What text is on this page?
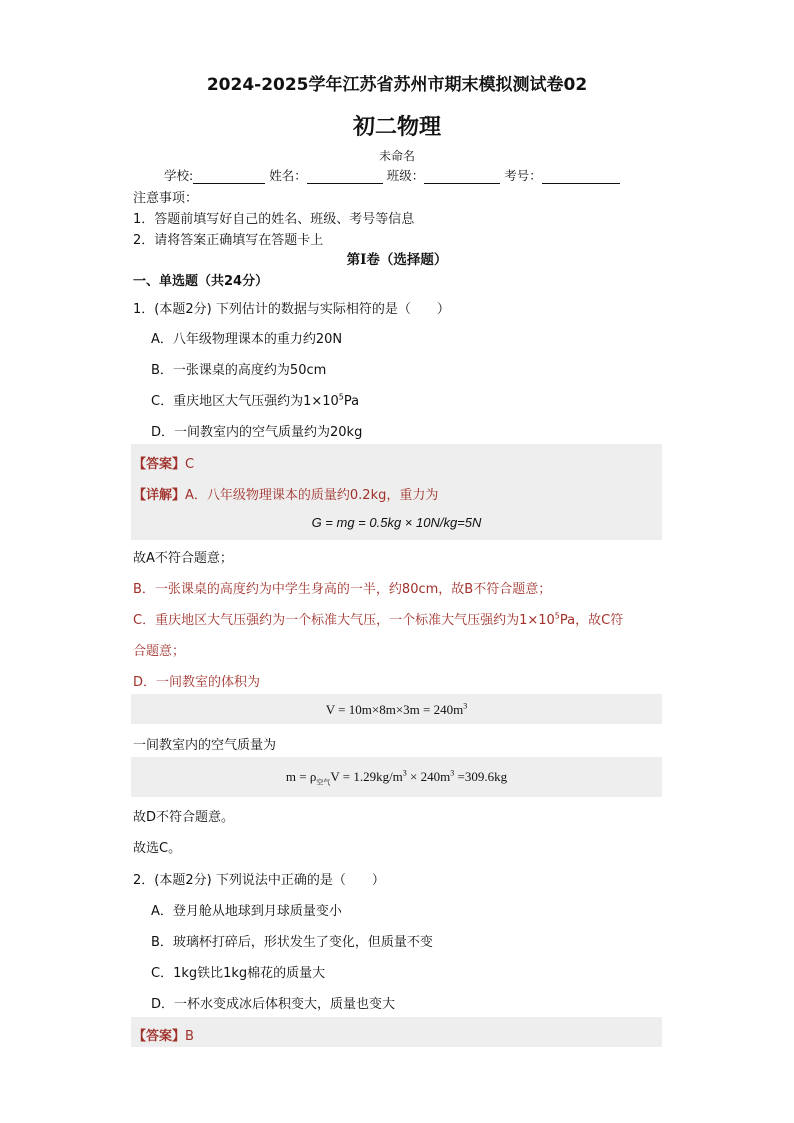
2024-2025学年江苏省苏州市期末模拟测试卷02
初二物理
未命名
学校:	姓名：	班级：	考号：
注意事项：
1．答题前填写好自己的姓名、班级、考号等信息
2．请将答案正确填写在答题卡上
第I卷（选择题）
一、单选题（共24分）
1．(本题2分) 下列估计的数据与实际相符的是（　　）
A．八年级物理课本的重力约20N
B．一张课桌的高度约为50cm
C．重庆地区大气压强约为$1\times 10^5Pa$
D．一间教室内的空气质量约为20kg
【答案】C
【详解】A．八年级物理课本的质量约0.2kg，重力为
G = mg = 0.5kg × 10N/kg=5N
故A不符合题意；
B．一张课桌的高度约为中学生身高的一半，约80cm，故B不符合题意；
C．重庆地区大气压强约为一个标准大气压，一个标准大气压强约为$1\times 10^5Pa$，故C符
合题意；
D．一间教室的体积为
$V = 10m\times 8m\times 3m = 240m^3$
一间教室内的空气质量为
$m = \rho_{空气}V = 1.29kg/m^3 \times 240m^3 =309.6kg$
故D不符合题意。
故选C。
2．(本题2分) 下列说法中正确的是（　　）
A．登月舱从地球到月球质量变小
B．玻璃杯打碎后，形状发生了变化，但质量不变
C．1kg铁比1kg棉花的质量大
D．一杯水变成冰后体积变大，质量也变大
【答案】B
